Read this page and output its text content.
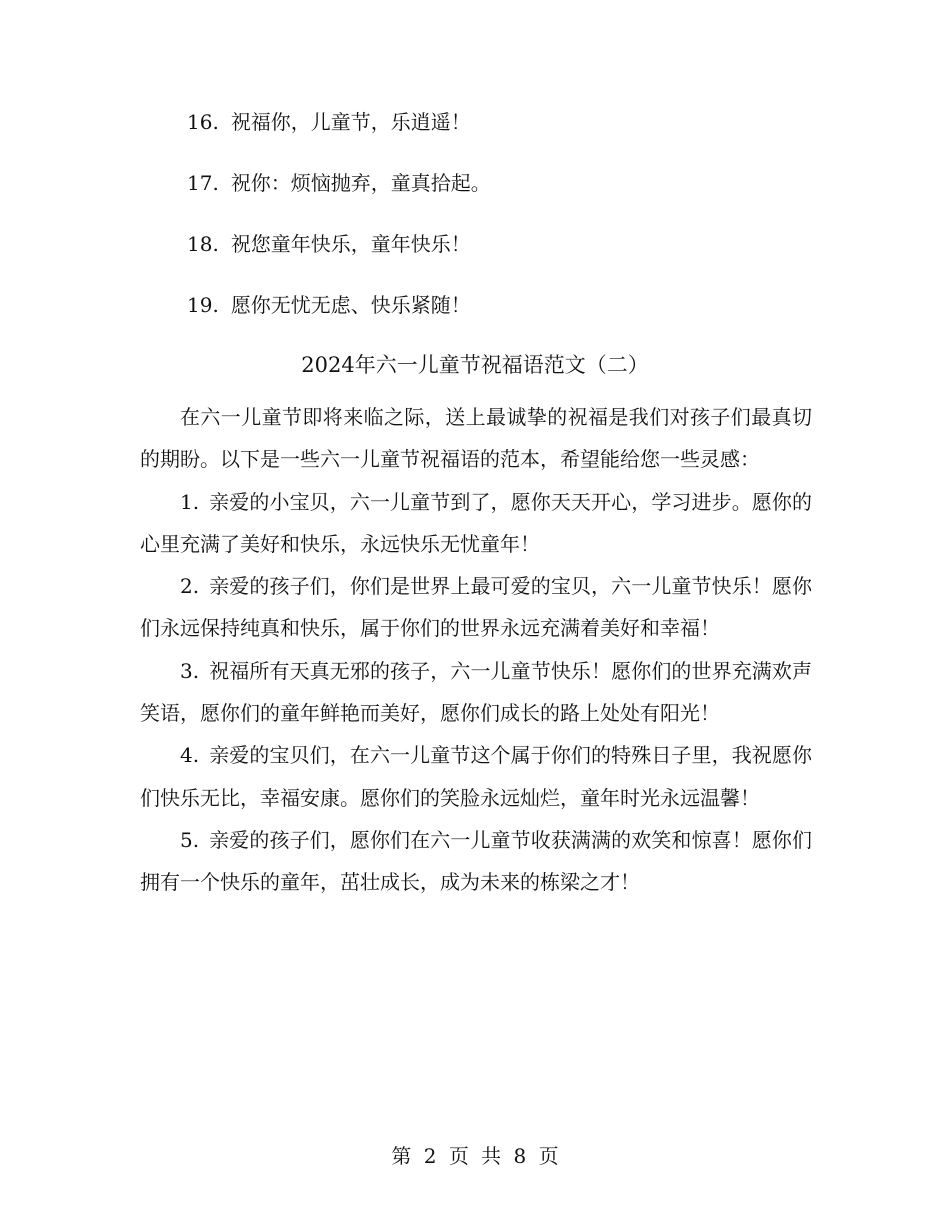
16. 祝福你，儿童节，乐逍遥！
17. 祝你：烦恼抛弃，童真拾起。
18. 祝您童年快乐，童年快乐！
19. 愿你无忧无虑、快乐紧随！
2024年六一儿童节祝福语范文（二）

在六一儿童节即将来临之际，送上最诚挚的祝福是我们对孩子们最真切的期盼。以下是一些六一儿童节祝福语的范本，希望能给您一些灵感：

1. 亲爱的小宝贝，六一儿童节到了，愿你天天开心，学习进步。愿你的心里充满了美好和快乐，永远快乐无忧童年！

2. 亲爱的孩子们，你们是世界上最可爱的宝贝，六一儿童节快乐！愿你们永远保持纯真和快乐，属于你们的世界永远充满着美好和幸福！

3. 祝福所有天真无邪的孩子，六一儿童节快乐！愿你们的世界充满欢声笑语，愿你们的童年鲜艳而美好，愿你们成长的路上处处有阳光！

4. 亲爱的宝贝们，在六一儿童节这个属于你们的特殊日子里，我祝愿你们快乐无比，幸福安康。愿你们的笑脸永远灿烂，童年时光永远温馨！

5. 亲爱的孩子们，愿你们在六一儿童节收获满满的欢笑和惊喜！愿你们拥有一个快乐的童年，茁壮成长，成为未来的栋梁之才！

第 2 页 共 8 页
